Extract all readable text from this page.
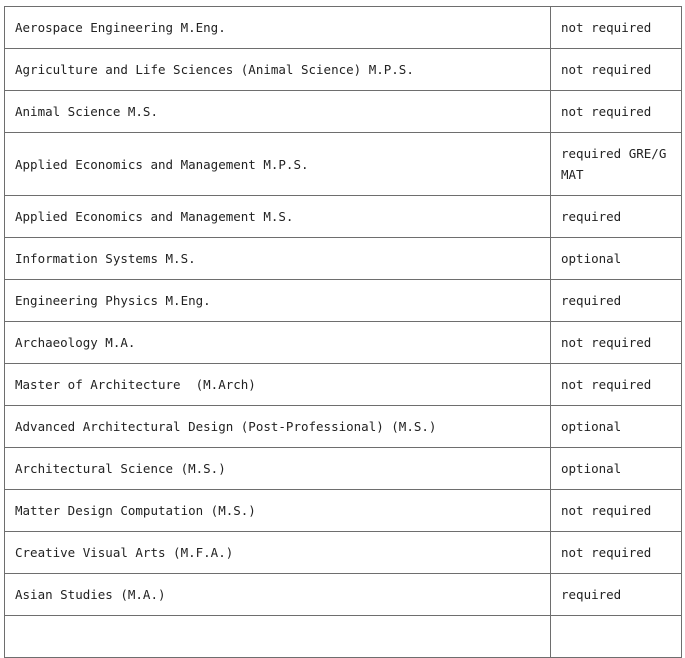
Aerospace Engineering M.Eng.	not required
Agriculture and Life Sciences (Animal Science) M.P.S.	not required
Animal Science M.S.	not required
Applied Economics and Management M.P.S.	required GRE/GMAT
Applied Economics and Management M.S.	required
Information Systems M.S.	optional
Engineering Physics M.Eng.	required
Archaeology M.A.	not required
Master of Architecture  (M.Arch)	not required
Advanced Architectural Design (Post-Professional) (M.S.)	optional
Architectural Science (M.S.)	optional
Matter Design Computation (M.S.)	not required
Creative Visual Arts (M.F.A.)	not required
Asian Studies (M.A.)	required
